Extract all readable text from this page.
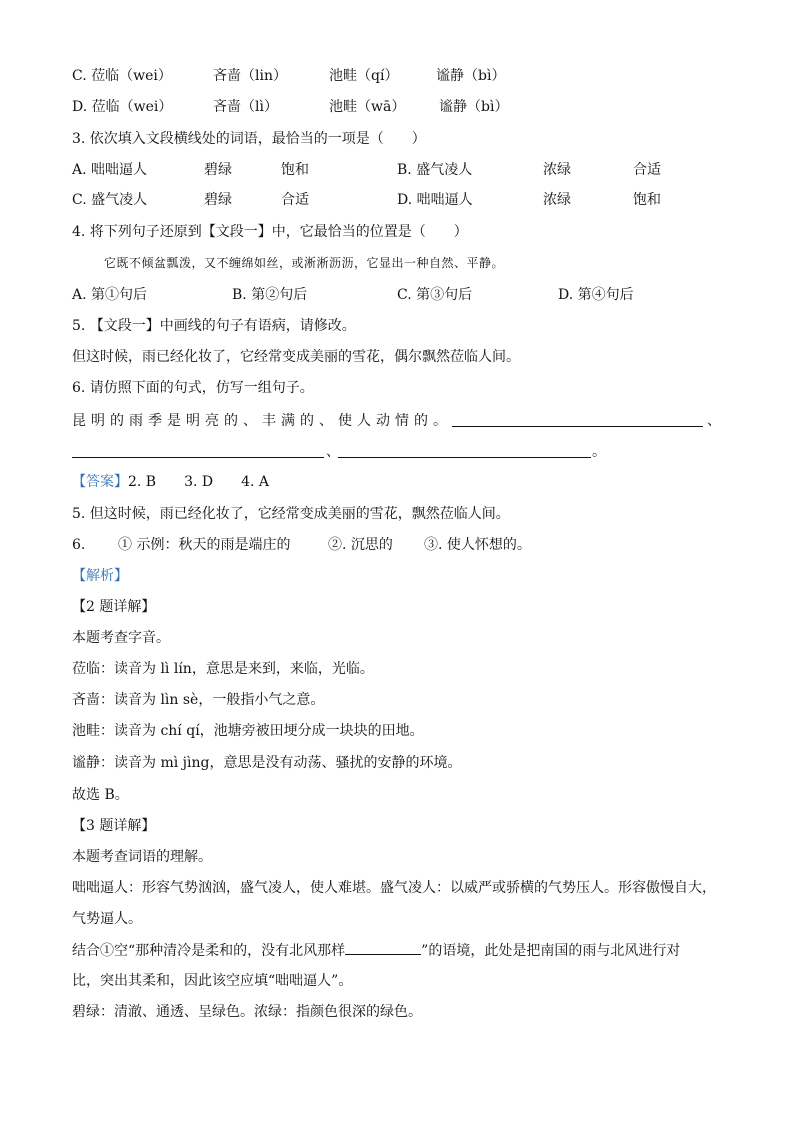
C. 莅临（wei）	吝啬（lin）	池畦（qí）	谧静（bì）
D. 莅临（wei）	吝啬（lì）	池畦（wā） 谧静（bì）
3. 依次填入文段横线处的词语，最恰当的一项是（　　）
A. 咄咄逼人	碧绿	饱和	B. 盛气凌人	浓绿	合适
C. 盛气凌人	碧绿	合适	D. 咄咄逼人	浓绿	饱和
4. 将下列句子还原到【文段一】中，它最恰当的位置是（　　）
它既不倾盆瓢泼，又不缠绵如丝，或淅淅沥沥，它显出一种自然、平静。
A. 第①句后	B. 第②句后	C. 第③句后	D. 第④句后
5. 【文段一】中画线的句子有语病，请修改。
但这时候，雨已经化妆了，它经常变成美丽的雪花，偶尔飘然莅临人间。
6. 请仿照下面的句式，仿写一组句子。
昆明的雨季是明亮的、丰满的、使人动情的。	、
、	。
【答案】2. B　　3. D　　4. A
5. 但这时候，雨已经化妆了，它经常变成美丽的雪花，飘然莅临人间。
6. ① 示例：秋天的雨是端庄的	②. 沉思的 ③. 使人怀想的。
【解析】
【2 题详解】
本题考查字音。
莅临：读音为 lì lín，意思是来到，来临，光临。
吝啬：读音为 lìn sè，一般指小气之意。
池畦：读音为 chí qí，池塘旁被田埂分成一块块的田地。
谧静：读音为 mì jìng，意思是没有动荡、骚扰的安静的环境。
故选 B。
【3 题详解】
本题考查词语的理解。
咄咄逼人：形容气势汹汹，盛气凌人，使人难堪。盛气凌人：以威严或骄横的气势压人。形容傲慢自大，
气势逼人。
结合①空“那种清冷是柔和的，没有北风那样	”的语境，此处是把南国的雨与北风进行对
比，突出其柔和，因此该空应填“咄咄逼人”。
碧绿：清澈、通透、呈绿色。浓绿：指颜色很深的绿色。
